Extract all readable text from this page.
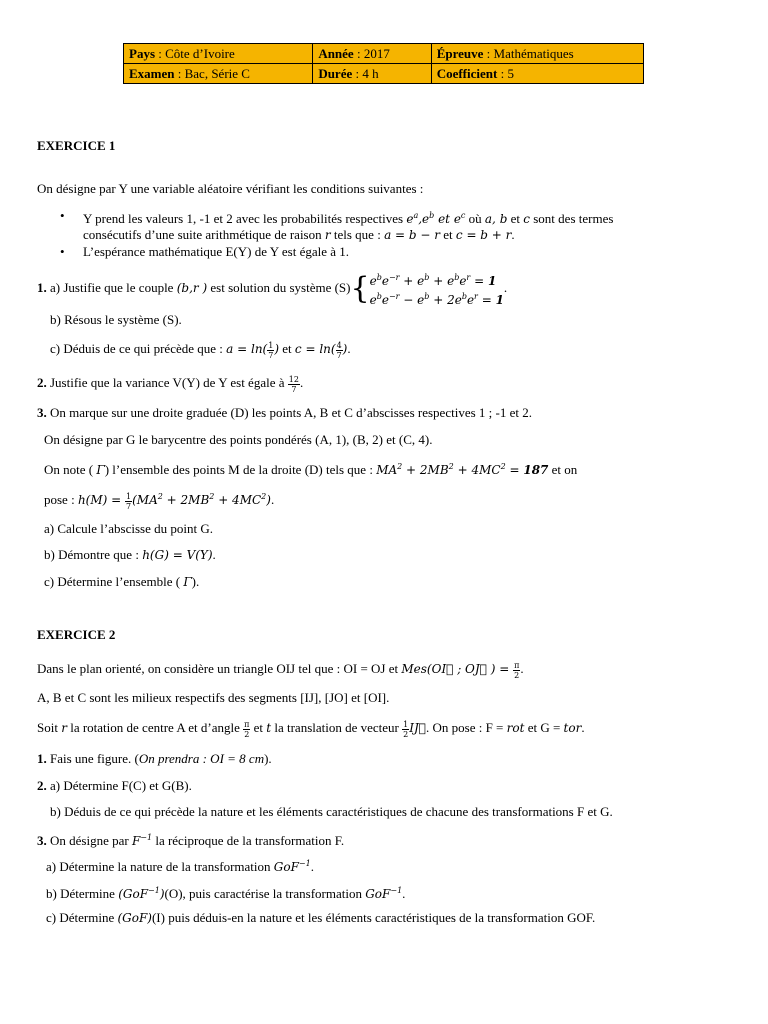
Pays : Côte d’Ivoire	Année : 2017	Épreuve : Mathématiques
Examen : Bac, Série C	Durée : 4 h	Coefficient : 5
EXERCICE 1
On désigne par Y une variable aléatoire vérifiant les conditions suivantes :
• Y prend les valeurs 1, -1 et 2 avec les probabilités respectives $e^a,e^b$ et $e^c$ où a, b et c sont des termes
consécutifs d’une suite arithmétique de raison r tels que : a = b − r et c = b + r.
• L’espérance mathématique E(Y) de Y est égale à 1.
1. a) Justifie que le couple (b,r ) est solution du système $(S)\{e^be^{-r} + e^b + e^be^r = 1$
$e^be^{-r} - e^b + 2e^be^r = 1$.
b) Résous le système (S).
c) Déduis de ce qui précède que : $a = \ln( \frac{1}{7}$ ) et $c = \ln( \frac{4}{7}$ ).
2. Justifie que la variance V(Y) de Y est égale à $\frac{12}{7}$ .
3. On marque sur une droite graduée (D) les points A, B et C d’abscisses respectives 1 ; -1 et 2.
On désigne par G le barycentre des points pondérés (A, 1), (B, 2) et (C, 4).
On note ( Γ) l’ensemble des points M de la droite (D) tels que : $MA^2 + 2MB^2 + 4MC^2 = 187$ et on
pose : $h(M) = \frac{1}{7} (MA^2 + 2MB^2 + 4MC^2)$.
a) Calcule l’abscisse du point G.
b) Démontre que : h(G) = V(Y).
c) Détermine l’ensemble ( Γ).
EXERCICE 2
Dans le plan orienté, on considère un triangle OIJ tel que : OI = OJ et Mes(OI⃗ ; OJ⃗ ) = $\frac{\pi}{2}$ .
A, B et C sont les milieux respectifs des segments [IJ], [JO] et [OI].
Soit r la rotation de centre A et d’angle $\frac{\pi}{2}$ et t la translation de vecteur $\frac{1}{2}$ IJ⃗. On pose : F = rot et G = tor.
1. Fais une figure. (On prendra : OI = 8 cm).
2. a) Détermine F(C) et G(B).
b) Déduis de ce qui précède la nature et les éléments caractéristiques de chacune des transformations F et G.
3. On désigne par $F^{-1}$ la réciproque de la transformation F.
a) Détermine la nature de la transformation GoF$^{-1}$.
b) Détermine (GoF$^{-1}$)(O), puis caractérise la transformation GoF$^{-1}$.
c) Détermine (GoF)(I) puis déduis-en la nature et les éléments caractéristiques de la transformation GOF.
